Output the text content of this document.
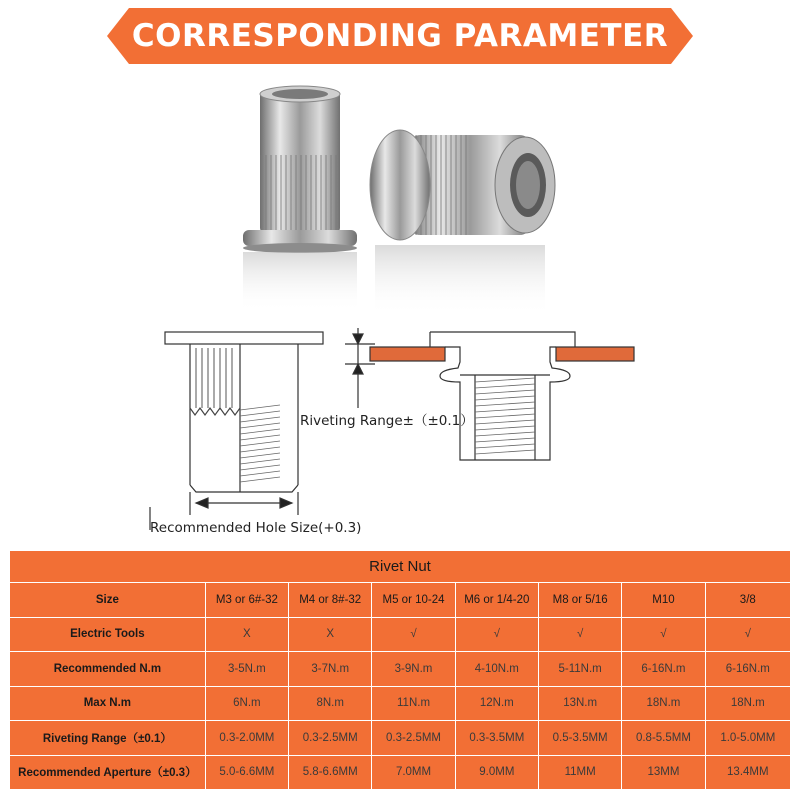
CORRESPONDING PARAMETER
Riveting Range±（±0.1）
Recommended Hole Size(+0.3)
Rivet Nut							
Size	M3 or 6#-32	M4 or 8#-32	M5 or 10-24	M6 or 1/4-20	M8 or 5/16	M10	3/8
Electric Tools	X	X	√	√	√	√	√
Recommended N.m	3-5N.m	3-7N.m	3-9N.m	4-10N.m	5-11N.m	6-16N.m	6-16N.m
Max N.m	6N.m	8N.m	11N.m	12N.m	13N.m	18N.m	18N.m
Riveting Range（±0.1）	0.3-2.0MM	0.3-2.5MM	0.3-2.5MM	0.3-3.5MM	0.5-3.5MM	0.8-5.5MM	1.0-5.0MM
Recommended Aperture（±0.3）	5.0-6.6MM	5.8-6.6MM	7.0MM	9.0MM	11MM	13MM	13.4MM
